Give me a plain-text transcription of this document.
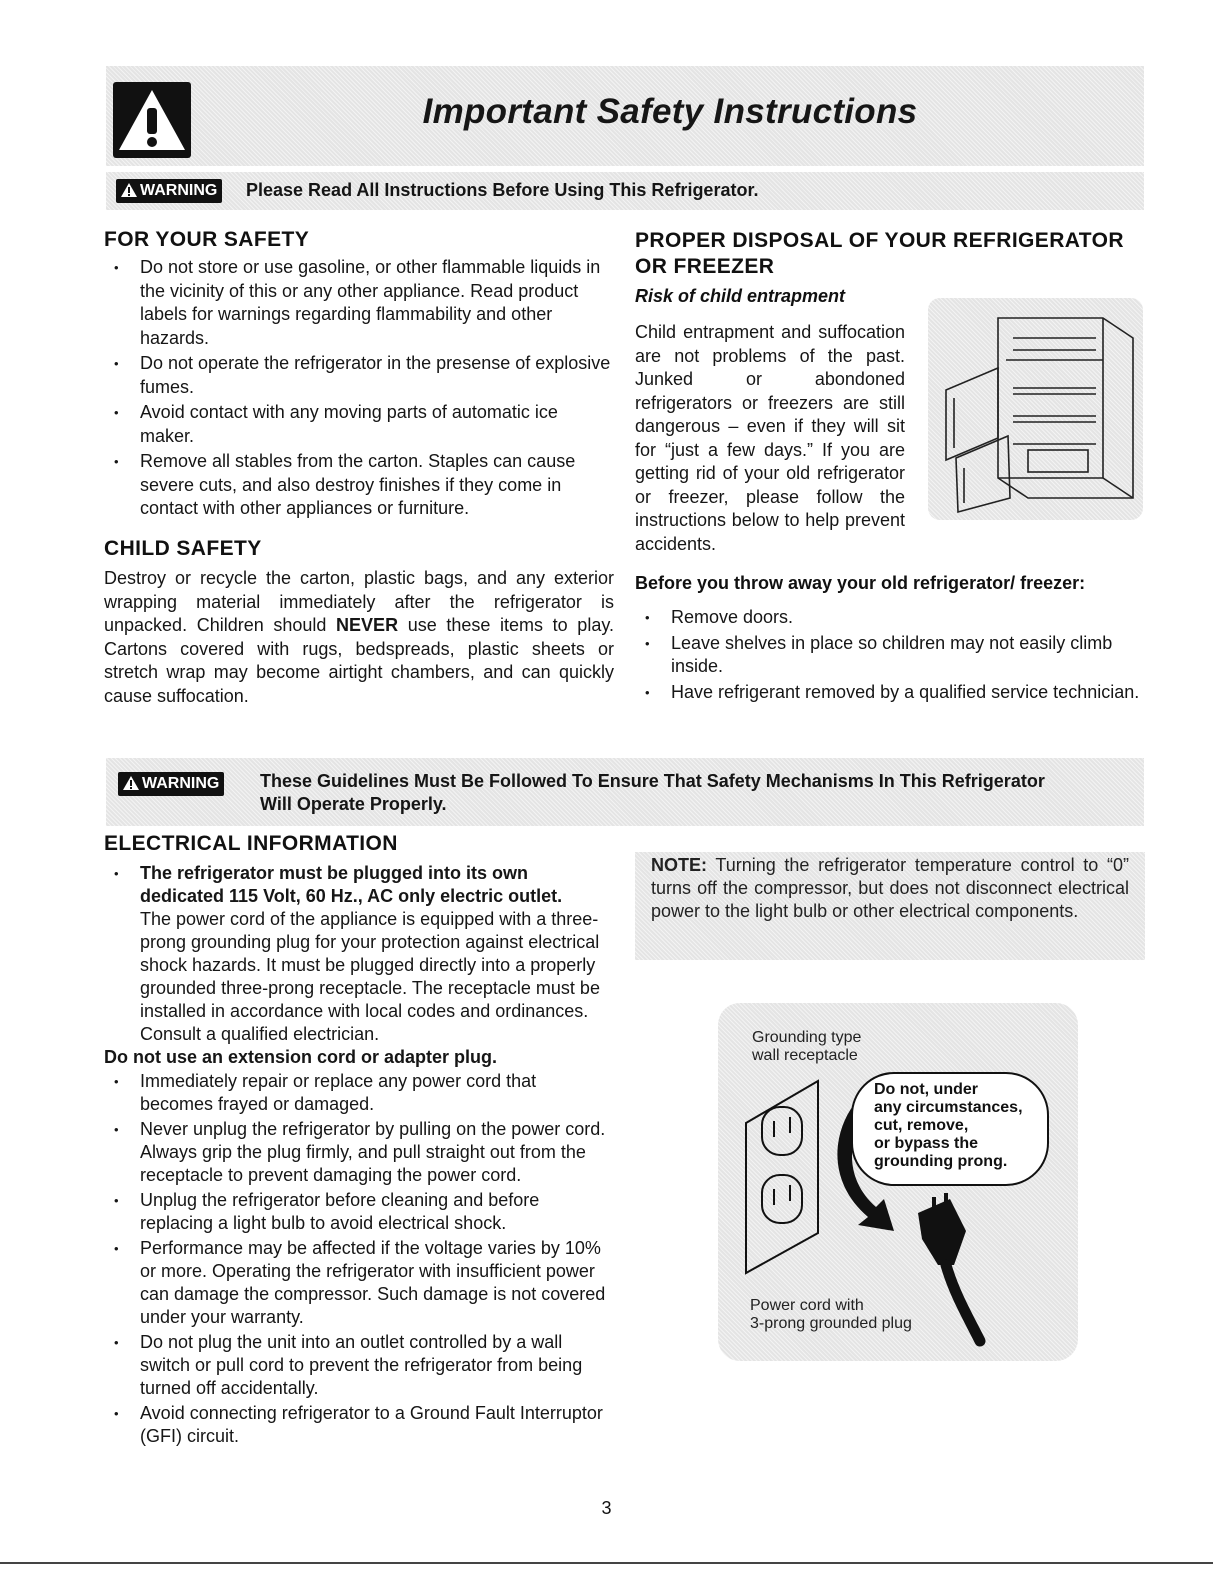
Important Safety Instructions
WARNING Please Read All Instructions Before Using This Refrigerator.
FOR YOUR SAFETY
• Do not store or use gasoline, or other flammable liquids in the vicinity of this or any other appliance. Read product labels for warnings regarding flammability and other hazards.
• Do not operate the refrigerator in the presense of explosive fumes.
• Avoid contact with any moving parts of automatic ice maker.
• Remove all stables from the carton. Staples can cause severe cuts, and also destroy finishes if they come in contact with other appliances or furniture.
CHILD SAFETY
Destroy or recycle the carton, plastic bags, and any exterior wrapping material immediately after the refrigerator is unpacked. Children should NEVER use these items to play. Cartons covered with rugs, bedspreads, plastic sheets or stretch wrap may become airtight chambers, and can quickly cause suffocation.
PROPER DISPOSAL OF YOUR REFRIGERATOR OR FREEZER
Risk of child entrapment
Child entrapment and suffocation are not problems of the past. Junked or abondoned refrigerators or freezers are still dangerous – even if they will sit for “just a few days.” If you are getting rid of your old refrigerator or freezer, please follow the instructions below to help prevent accidents.
Before you throw away your old refrigerator/ freezer:
• Remove doors.
• Leave shelves in place so children may not easily climb inside.
• Have refrigerant removed by a qualified service technician.
WARNING These Guidelines Must Be Followed To Ensure That Safety Mechanisms In This Refrigerator
Will Operate Properly.
ELECTRICAL INFORMATION
• The refrigerator must be plugged into its own dedicated 115 Volt, 60 Hz., AC only electric outlet.
The power cord of the appliance is equipped with a three-prong grounding plug for your protection against electrical shock hazards. It must be plugged directly into a properly grounded three-prong receptacle. The receptacle must be installed in accordance with local codes and ordinances. Consult a qualified electrician.
Do not use an extension cord or adapter plug.
• Immediately repair or replace any power cord that becomes frayed or damaged.
• Never unplug the refrigerator by pulling on the power cord. Always grip the plug firmly, and pull straight out from the receptacle to prevent damaging the power cord.
• Unplug the refrigerator before cleaning and before replacing a light bulb to avoid electrical shock.
• Performance may be affected if the voltage varies by 10% or more. Operating the refrigerator with insufficient power can damage the compressor. Such damage is not covered under your warranty.
• Do not plug the unit into an outlet controlled by a wall switch or pull cord to prevent the refrigerator from being turned off accidentally.
• Avoid connecting refrigerator to a Ground Fault Interruptor (GFI) circuit.
NOTE: Turning the refrigerator temperature control to “0” turns off the compressor, but does not disconnect electrical power to the light bulb or other electrical components.
Grounding type
wall receptacle
Do not, under
any circumstances,
cut, remove,
or bypass the
grounding prong.
Power cord with
3-prong grounded plug
3
